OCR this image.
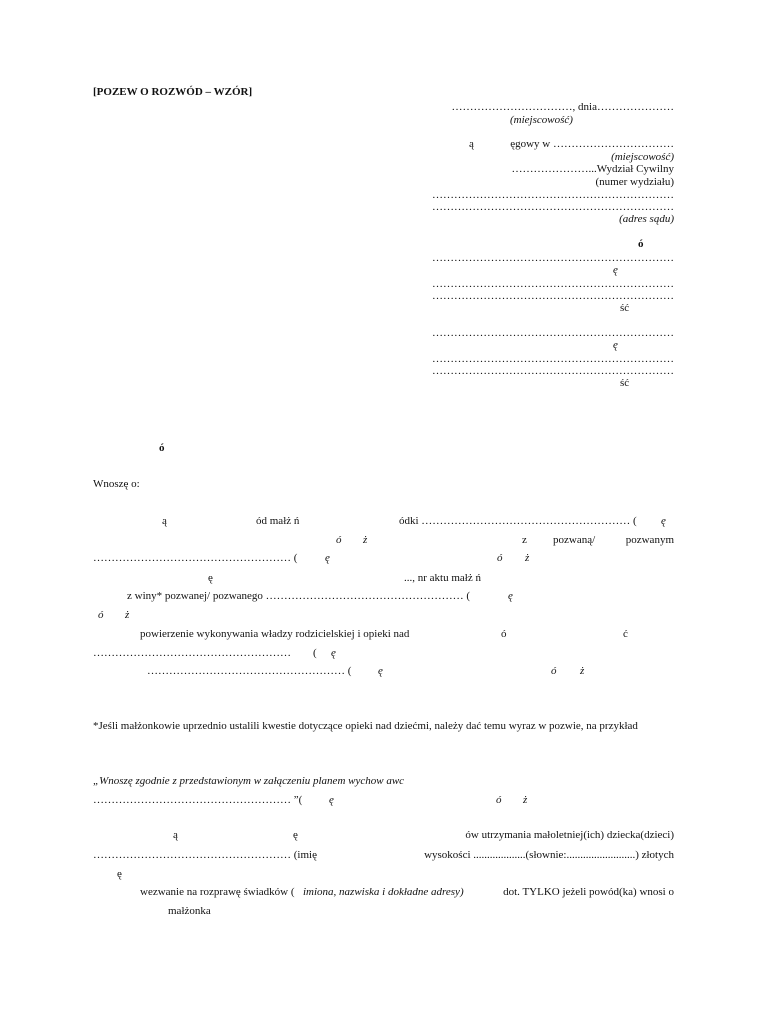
[POZEW O ROZWÓD – WZÓR]
……………………………, dnia…………………
(miejscowość)
ą	ęgowy w ……………………………
(miejscowość)
…………………...Wydział Cywilny
(numer wydziału)
…………………………………………………………
…………………………………………………………
(adres sądu)
ó
…………………………………………………………
ę
…………………………………………………………
…………………………………………………………
ść
…………………………………………………………
ę
…………………………………………………………
…………………………………………………………
ść
ó
Wnoszę o:
ą	ód małż ń	ódki ………………………………………………… ( ę
ó ż	z pozwaną/	pozwanym
……………………………………………… (	ę	ó ż
ę	..., nr aktu małż ń
z winy* pozwanej/ pozwanego ……………………………………………… (	ę
ó ż
powierzenie wykonywania władzy rodzicielskiej i opieki nad	ó	ć
……………………………………………… ( ę
……………………………………………… ( ę	ó ż
*Jeśli małżonkowie uprzednio ustalili kwestie dotyczące opieki nad dziećmi, należy dać temu wyraz w pozwie, na przykład
„Wnoszę zgodnie z przedstawionym w załączeniu planem wychow awc
……………………………………………… ”( ę	ó ż
ą	ę	ów utrzymania małoletniej(ich) dziecka(dzieci)
……………………………………………… (imię	wysokości ...................(słownie:.........................) złotych
ę
wezwanie na rozprawę świadków ( imiona, nazwiska i dokładne adresy)	dot. TYLKO jeżeli powód(ka) wnosi o
małżonka
